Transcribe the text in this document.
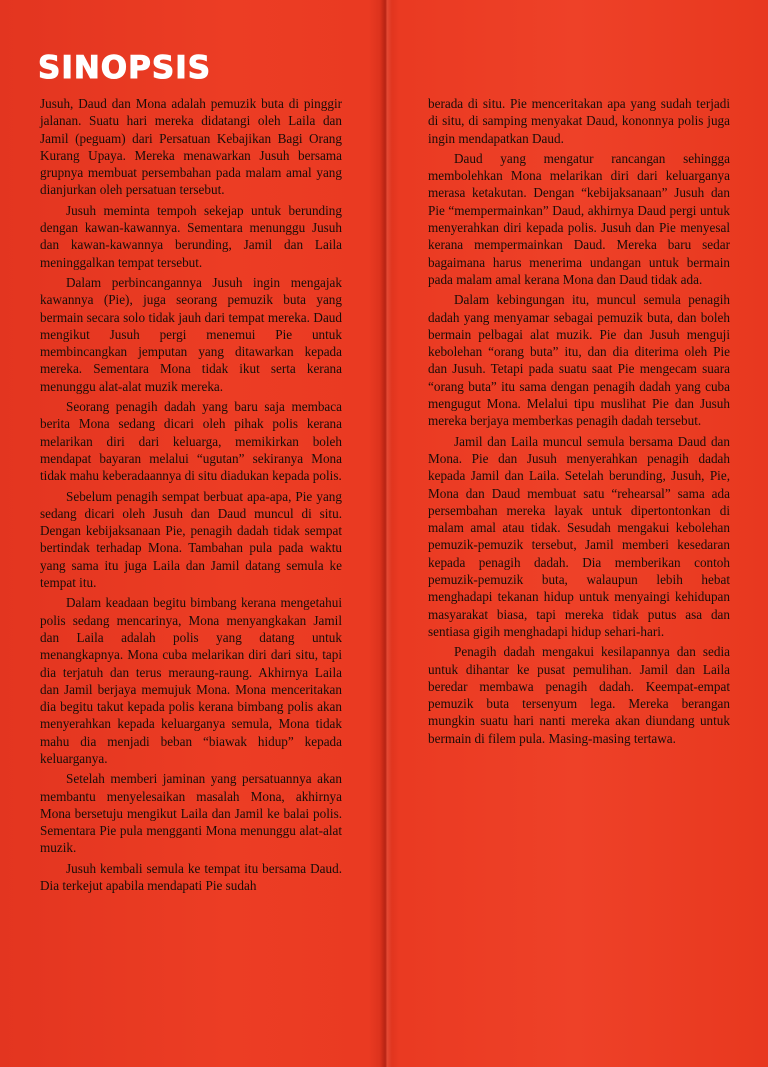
SINOPSIS

Jusuh, Daud dan Mona adalah pemuzik buta di pinggir jalanan. Suatu hari mereka didatangi oleh Laila dan Jamil (peguam) dari Persatuan Kebajikan Bagi Orang Kurang Upaya. Mereka menawarkan Jusuh bersama grupnya membuat persembahan pada malam amal yang dianjurkan oleh persatuan tersebut.

Jusuh meminta tempoh sekejap untuk berunding dengan kawan-kawannya. Sementara menunggu Jusuh dan kawan-kawannya berunding, Jamil dan Laila meninggalkan tempat tersebut.

Dalam perbincangannya Jusuh ingin mengajak kawannya (Pie), juga seorang pemuzik buta yang bermain secara solo tidak jauh dari tempat mereka. Daud mengikut Jusuh pergi menemui Pie untuk membincangkan jemputan yang ditawarkan kepada mereka. Sementara Mona tidak ikut serta kerana menunggu alat-alat muzik mereka.

Seorang penagih dadah yang baru saja membaca berita Mona sedang dicari oleh pihak polis kerana melarikan diri dari keluarga, memikirkan boleh mendapat bayaran melalui “ugutan” sekiranya Mona tidak mahu keberadaannya di situ diadukan kepada polis.

Sebelum penagih sempat berbuat apa-apa, Pie yang sedang dicari oleh Jusuh dan Daud muncul di situ. Dengan kebijaksanaan Pie, penagih dadah tidak sempat bertindak terhadap Mona. Tambahan pula pada waktu yang sama itu juga Laila dan Jamil datang semula ke tempat itu.

Dalam keadaan begitu bimbang kerana mengetahui polis sedang mencarinya, Mona menyangkakan Jamil dan Laila adalah polis yang datang untuk menangkapnya. Mona cuba melarikan diri dari situ, tapi dia terjatuh dan terus meraung-raung. Akhirnya Laila dan Jamil berjaya memujuk Mona. Mona menceritakan dia begitu takut kepada polis kerana bimbang polis akan menyerahkan kepada keluarganya semula, Mona tidak mahu dia menjadi beban “biawak hidup” kepada keluarganya.

Setelah memberi jaminan yang persatuannya akan membantu menyelesaikan masalah Mona, akhirnya Mona bersetuju mengikut Laila dan Jamil ke balai polis. Sementara Pie pula mengganti Mona menunggu alat-alat muzik.

Jusuh kembali semula ke tempat itu bersama Daud. Dia terkejut apabila mendapati Pie sudah

berada di situ. Pie menceritakan apa yang sudah terjadi di situ, di samping menyakat Daud, kononnya polis juga ingin mendapatkan Daud.

Daud yang mengatur rancangan sehingga membolehkan Mona melarikan diri dari keluarganya merasa ketakutan. Dengan “kebijaksanaan” Jusuh dan Pie “mempermainkan” Daud, akhirnya Daud pergi untuk menyerahkan diri kepada polis. Jusuh dan Pie menyesal kerana mempermainkan Daud. Mereka baru sedar bagaimana harus menerima undangan untuk bermain pada malam amal kerana Mona dan Daud tidak ada.

Dalam kebingungan itu, muncul semula penagih dadah yang menyamar sebagai pemuzik buta, dan boleh bermain pelbagai alat muzik. Pie dan Jusuh menguji kebolehan “orang buta” itu, dan dia diterima oleh Pie dan Jusuh. Tetapi pada suatu saat Pie mengecam suara “orang buta” itu sama dengan penagih dadah yang cuba mengugut Mona. Melalui tipu muslihat Pie dan Jusuh mereka berjaya memberkas penagih dadah tersebut.

Jamil dan Laila muncul semula bersama Daud dan Mona. Pie dan Jusuh menyerahkan penagih dadah kepada Jamil dan Laila. Setelah berunding, Jusuh, Pie, Mona dan Daud membuat satu “rehearsal” sama ada persembahan mereka layak untuk dipertontonkan di malam amal atau tidak. Sesudah mengakui kebolehan pemuzik-pemuzik tersebut, Jamil memberi kesedaran kepada penagih dadah. Dia memberikan contoh pemuzik-pemuzik buta, walaupun lebih hebat menghadapi tekanan hidup untuk menyaingi kehidupan masyarakat biasa, tapi mereka tidak putus asa dan sentiasa gigih menghadapi hidup sehari-hari.

Penagih dadah mengakui kesilapannya dan sedia untuk dihantar ke pusat pemulihan. Jamil dan Laila beredar membawa penagih dadah. Keempat-empat pemuzik buta tersenyum lega. Mereka berangan mungkin suatu hari nanti mereka akan diundang untuk bermain di filem pula. Masing-masing tertawa.
